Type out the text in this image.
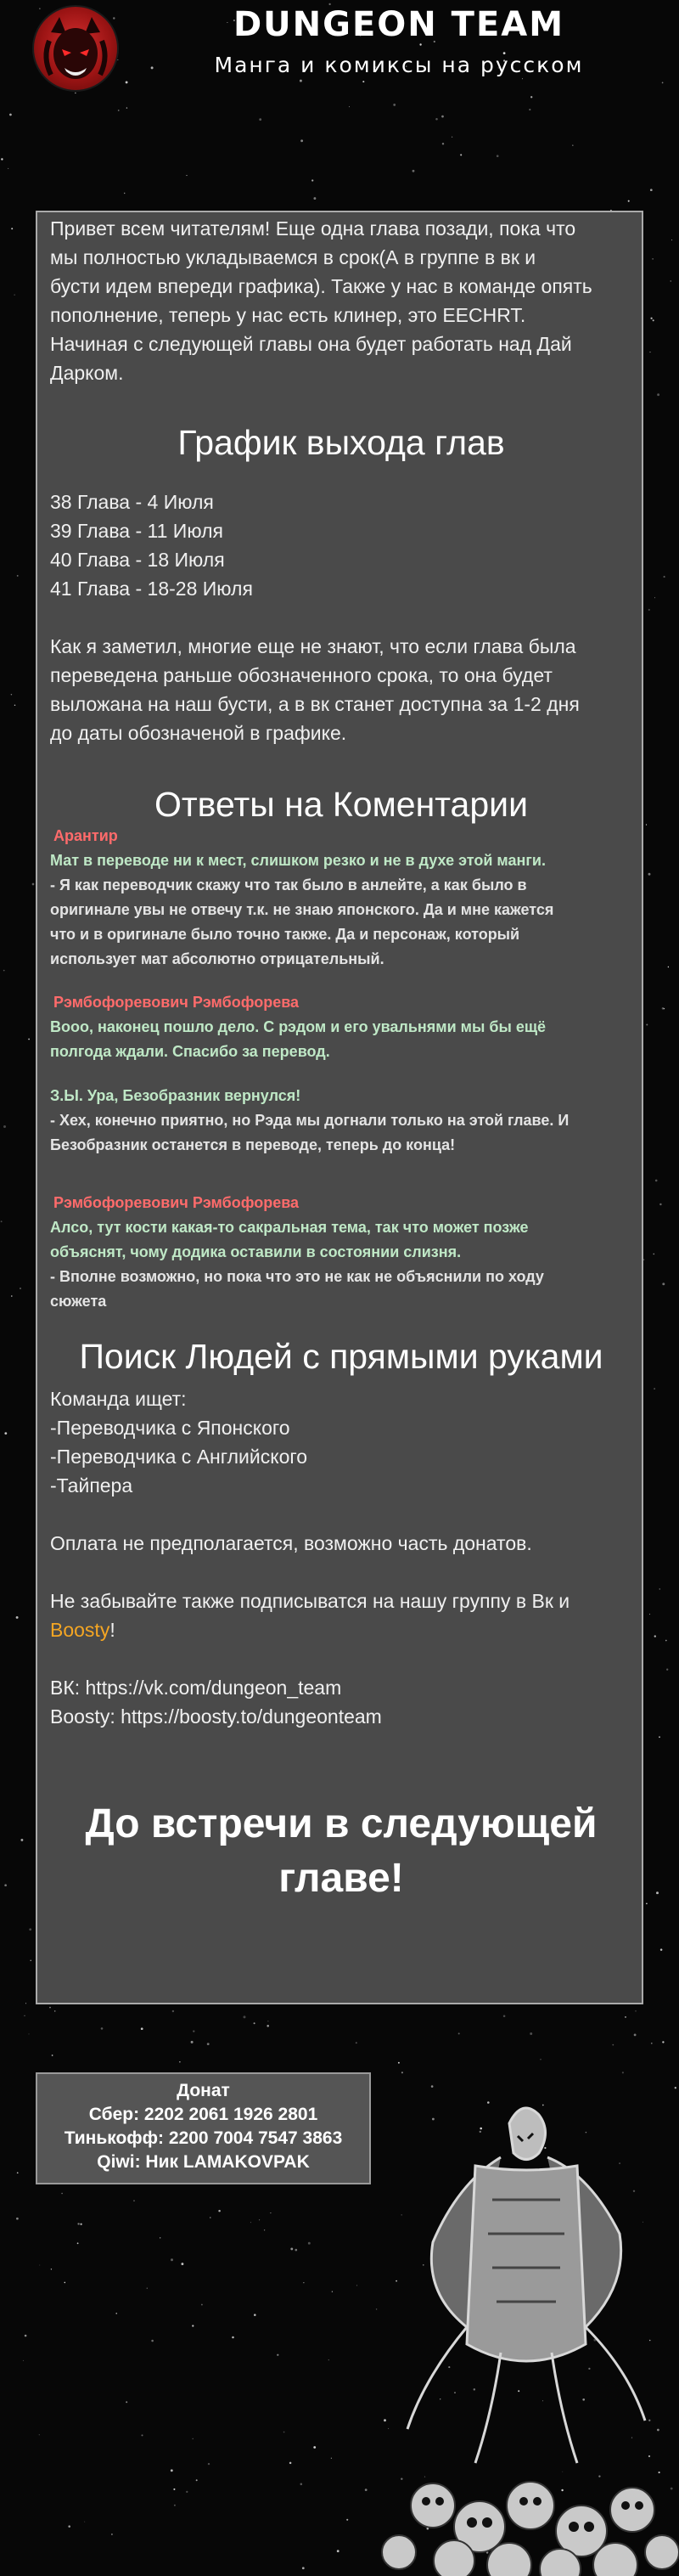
DUNGEON TEAM
Манга и комиксы на русском
Привет всем читателям! Еще одна глава позади, пока что
мы полностью укладываемся в срок(А в группе в вк и
бусти идем впереди графика). Также у нас в команде опять
пополнение, теперь у нас есть клинер, это EECHRT.
Начиная с следующей главы она будет работать над Дай
Дарком.
График выхода глав
38 Глава - 4 Июля
39 Глава - 11 Июля
40 Глава - 18 Июля
41 Глава - 18-28 Июля
Как я заметил, многие еще не знают, что если глава была
переведена раньше обозначенного срока, то она будет
выложана на наш бусти, а в вк станет доступна за 1-2 дня
до даты обозначеной в графике.
Ответы на Коментарии
Арантир
Мат в переводе ни к мест, слишком резко и не в духе этой манги.
- Я как переводчик скажу что так было в анлейте, а как было в
оригинале увы не отвечу т.к. не знаю японского. Да и мне кажется
что и в оригинале было точно также. Да и персонаж, который
использует мат абсолютно отрицательный.
Рэмбофоревович Рэмбофорева
Вооо, наконец пошло дело. С рэдом и его увальнями мы бы ещё
полгода ждали. Спасибо за перевод.
З.Ы. Ура, Безобразник вернулся!
- Хех, конечно приятно, но Рэда мы догнали только на этой главе. И
Безобразник останется в переводе, теперь до конца!
Рэмбофоревович Рэмбофорева
Алсо, тут кости какая-то сакральная тема, так что может позже
объяснят, чому додика оставили в состоянии слизня.
- Вполне возможно, но пока что это не как не объяснили по ходу
сюжета
Поиск Людей с прямыми руками
Команда ищет:
-Переводчика с Японского
-Переводчика с Английского
-Тайпера
Оплата не предполагается, возможно часть донатов.
Не забывайте также подписыватся на нашу группу в Вк и
Boosty!
ВК: https://vk.com/dungeon_team
Boosty: https://boosty.to/dungeonteam
До встречи в следующей
главе!
Донат
Сбер: 2202 2061 1926 2801
Тинькофф: 2200 7004 7547 3863
Qiwi: Ник LAMAKOVPAK
